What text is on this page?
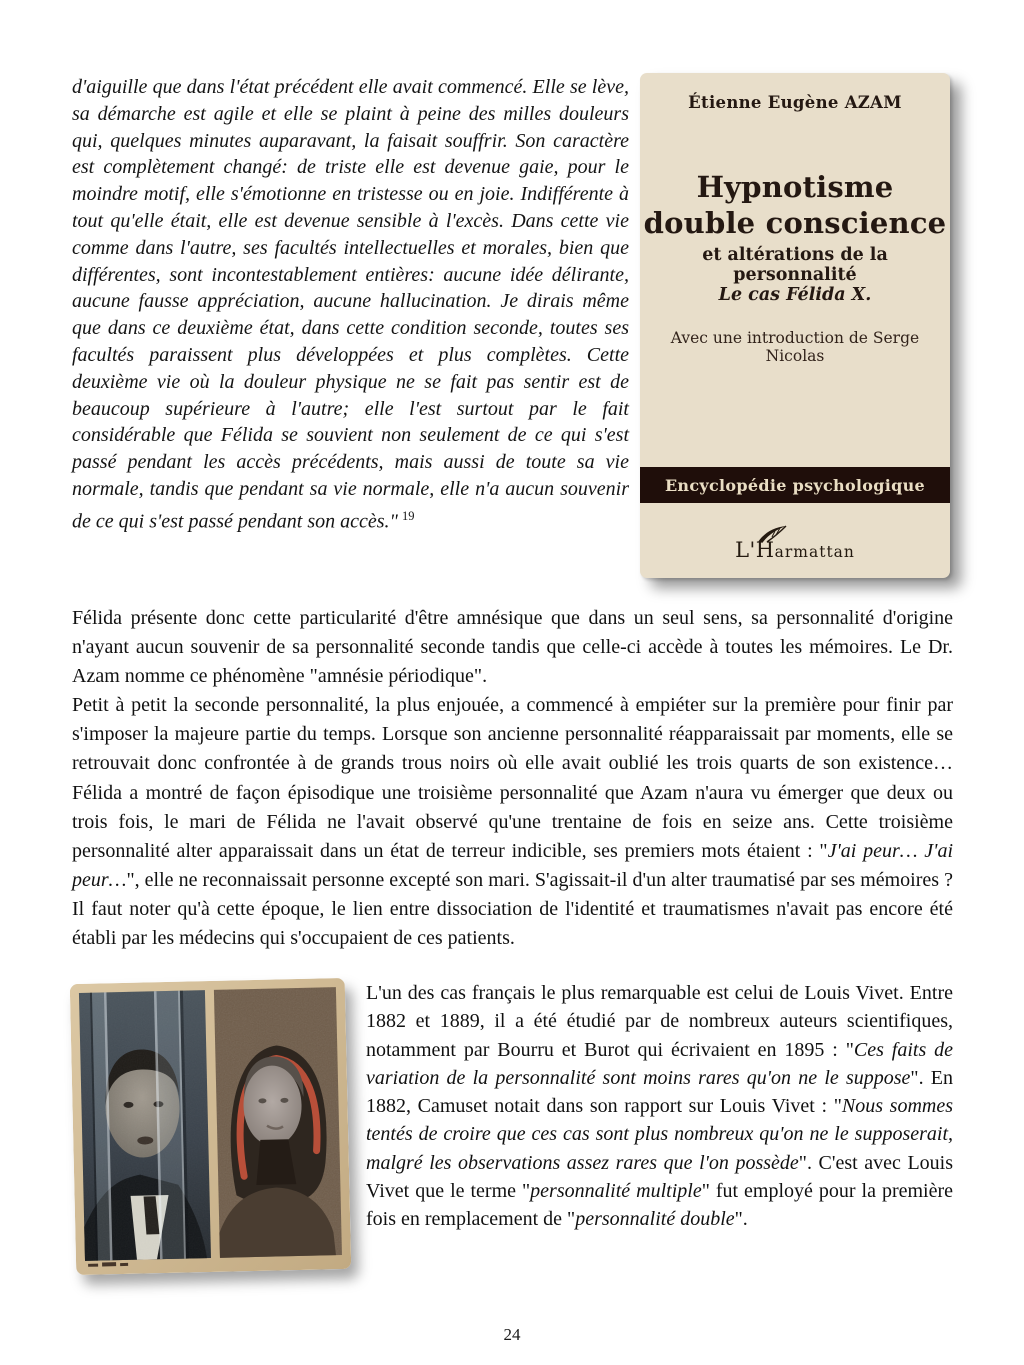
d'aiguille que dans l'état précédent elle avait commencé. Elle se lève, sa démarche est agile et elle se plaint à peine des milles douleurs qui, quelques minutes auparavant, la faisait souffrir. Son caractère est complètement changé: de triste elle est devenue gaie, pour le moindre motif, elle s'émotionne en tristesse ou en joie. Indifférente à tout qu'elle était, elle est devenue sensible à l'excès. Dans cette vie comme dans l'autre, ses facultés intellectuelles et morales, bien que différentes, sont incontestablement entières: aucune idée délirante, aucune fausse appréciation, aucune hallucination. Je dirais même que dans ce deuxième état, dans cette condition seconde, toutes ses facultés paraissent plus développées et plus complètes. Cette deuxième vie où la douleur physique ne se fait pas sentir est de beaucoup supérieure à l'autre; elle l'est surtout par le fait considérable que Félida se souvient non seulement de ce qui s'est passé pendant les accès précédents, mais aussi de toute sa vie normale, tandis que pendant sa vie normale, elle n'a aucun souvenir de ce qui s'est passé pendant son accès." $^{19}$
Étienne Eugène AZAM
Hypnotisme
double conscience
et altérations de la personnalité
Le cas Félida X.
Avec une introduction de Serge Nicolas
Encyclopédie psychologique
L'Harmattan

Félida présente donc cette particularité d'être amnésique que dans un seul sens, sa personnalité d'origine n'ayant aucun souvenir de sa personnalité seconde tandis que celle-ci accède à toutes les mémoires. Le Dr. Azam nomme ce phénomène "amnésie périodique".

Petit à petit la seconde personnalité, la plus enjouée, a commencé à empiéter sur la première pour finir par s'imposer la majeure partie du temps. Lorsque son ancienne personnalité réapparaissait par moments, elle se retrouvait donc confrontée à de grands trous noirs où elle avait oublié les trois quarts de son existence… Félida a montré de façon épisodique une troisième personnalité que Azam n'aura vu émerger que deux ou trois fois, le mari de Félida ne l'avait observé qu'une trentaine de fois en seize ans. Cette troisième personnalité alter apparaissait dans un état de terreur indicible, ses premiers mots étaient : "J'ai peur… J'ai peur…", elle ne reconnaissait personne excepté son mari. S'agissait-il d'un alter traumatisé par ses mémoires ? Il faut noter qu'à cette époque, le lien entre dissociation de l'identité et traumatismes n'avait pas encore été établi par les médecins qui s'occupaient de ces patients.

L'un des cas français le plus remarquable est celui de Louis Vivet. Entre 1882 et 1889, il a été étudié par de nombreux auteurs scientifiques, notamment par Bourru et Burot qui écrivaient en 1895 : "Ces faits de variation de la personnalité sont moins rares qu'on ne le suppose". En 1882, Camuset notait dans son rapport sur Louis Vivet : "Nous sommes tentés de croire que ces cas sont plus nombreux qu'on ne le supposerait, malgré les observations assez rares que l'on possède". C'est avec Louis Vivet que le terme "personnalité multiple" fut employé pour la première fois en remplacement de "personnalité double".
24
